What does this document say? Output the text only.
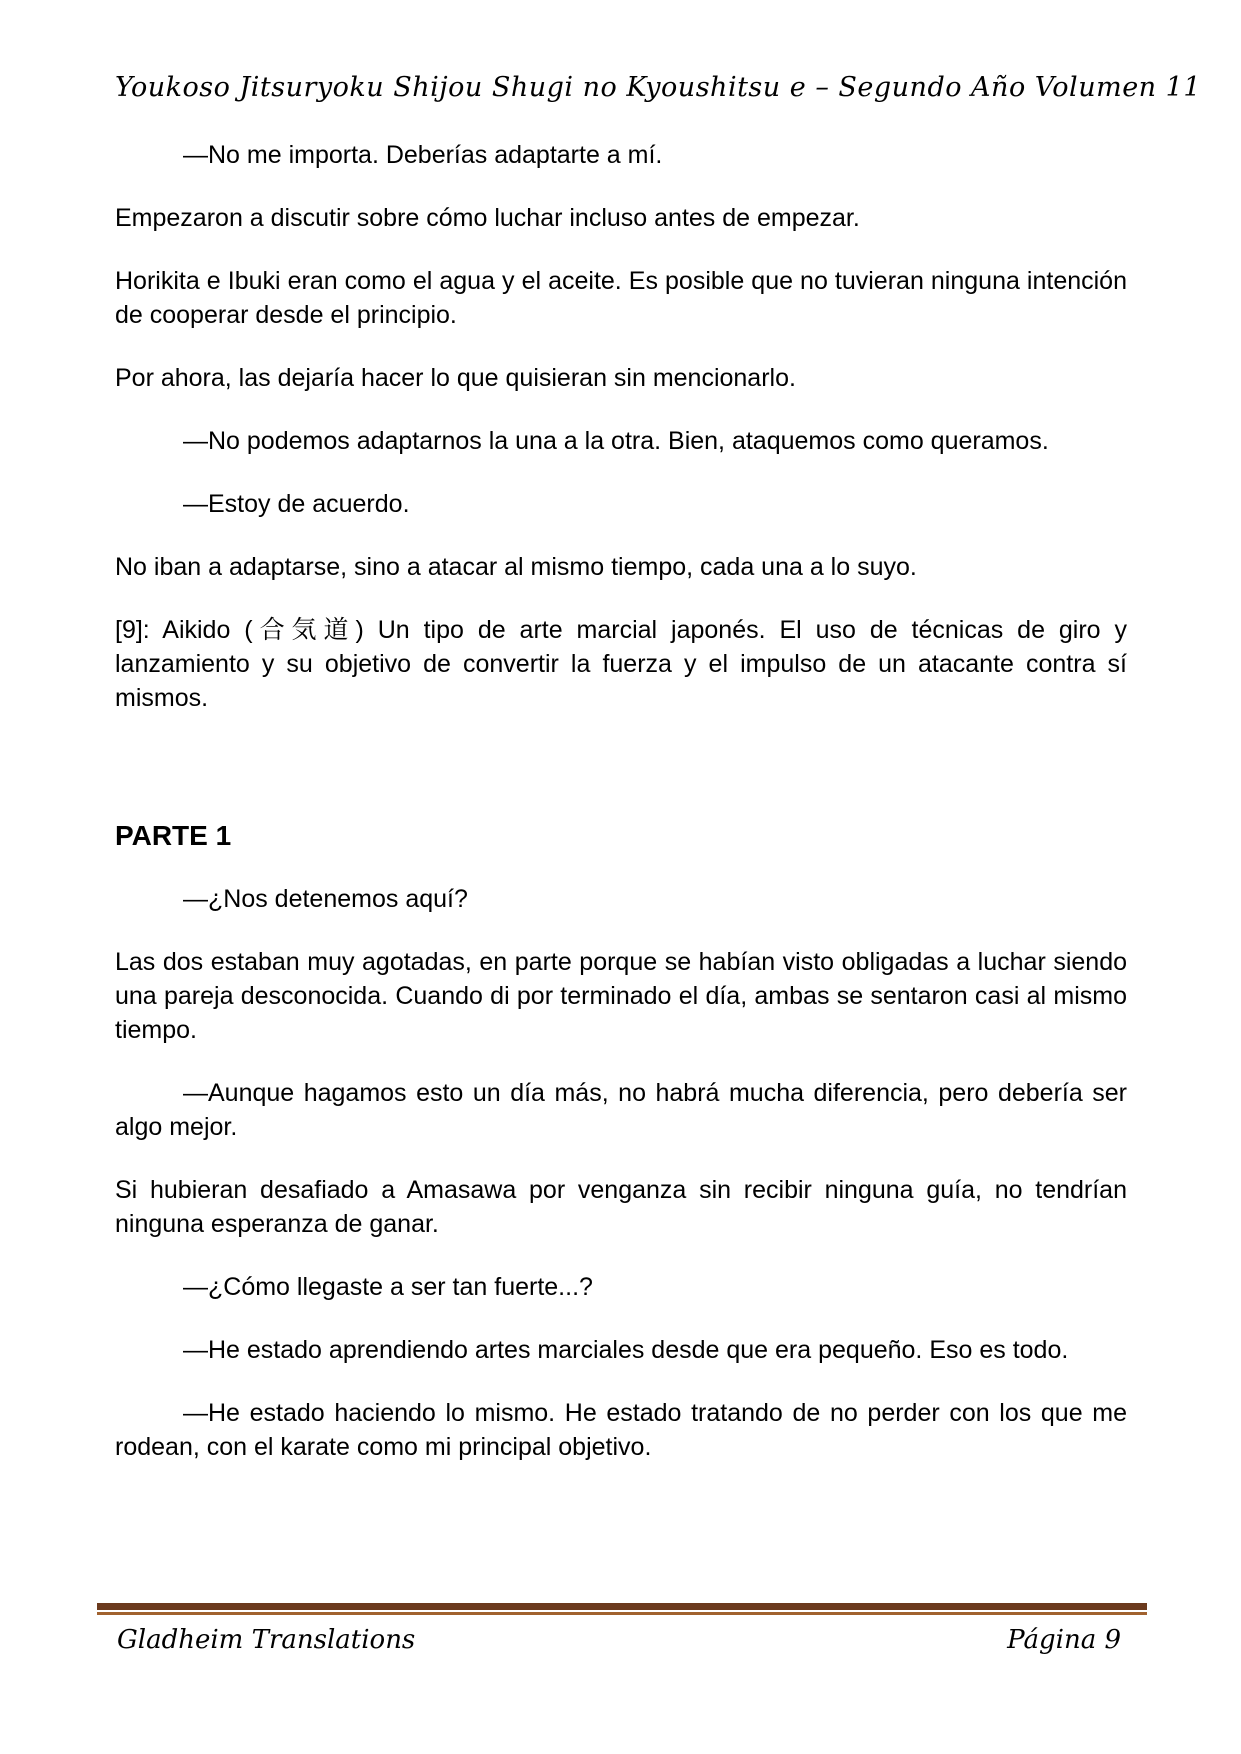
Youkoso Jitsuryoku Shijou Shugi no Kyoushitsu e – Segundo Año Volumen 11

—No me importa. Deberías adaptarte a mí.

Empezaron a discutir sobre cómo luchar incluso antes de empezar.

Horikita e Ibuki eran como el agua y el aceite. Es posible que no tuvieran ninguna intención de cooperar desde el principio.

Por ahora, las dejaría hacer lo que quisieran sin mencionarlo.

—No podemos adaptarnos la una a la otra. Bien, ataquemos como queramos.

—Estoy de acuerdo.

No iban a adaptarse, sino a atacar al mismo tiempo, cada una a lo suyo.

[9]: Aikido (合気道) Un tipo de arte marcial japonés. El uso de técnicas de giro y lanzamiento y su objetivo de convertir la fuerza y el impulso de un atacante contra sí mismos.

PARTE 1

—¿Nos detenemos aquí?

Las dos estaban muy agotadas, en parte porque se habían visto obligadas a luchar siendo una pareja desconocida. Cuando di por terminado el día, ambas se sentaron casi al mismo tiempo.

—Aunque hagamos esto un día más, no habrá mucha diferencia, pero debería ser algo mejor.

Si hubieran desafiado a Amasawa por venganza sin recibir ninguna guía, no tendrían ninguna esperanza de ganar.

—¿Cómo llegaste a ser tan fuerte...?

—He estado aprendiendo artes marciales desde que era pequeño. Eso es todo.

—He estado haciendo lo mismo. He estado tratando de no perder con los que me rodean, con el karate como mi principal objetivo.

Gladheim Translations	Página 9
